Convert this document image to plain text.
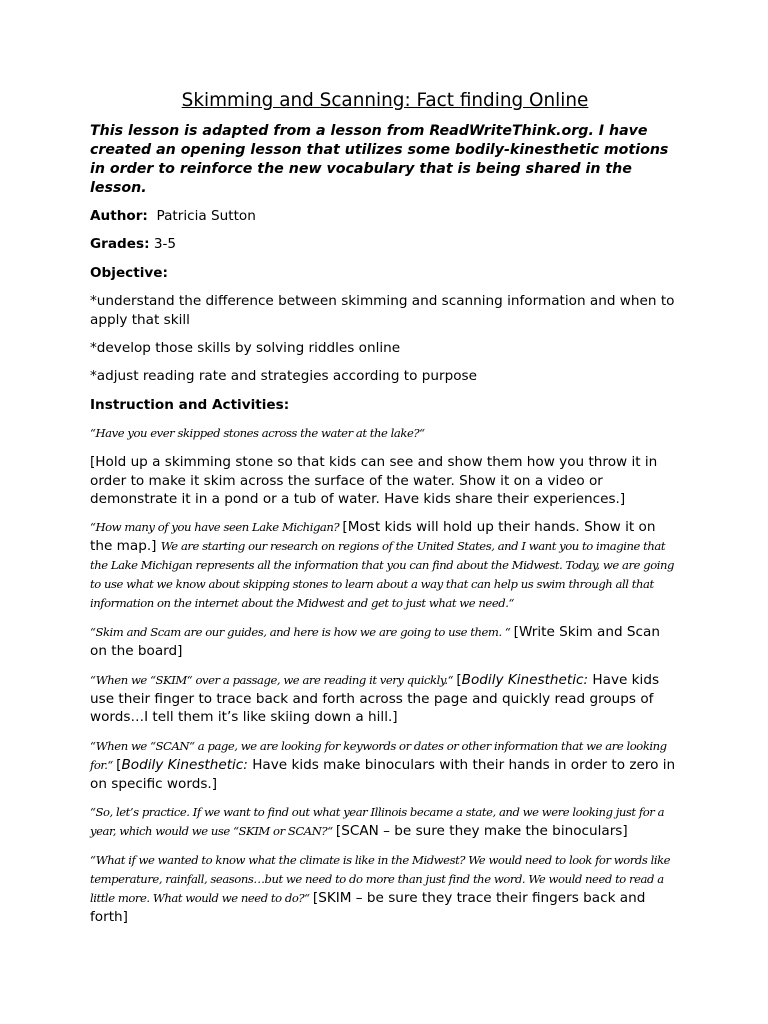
Skimming and Scanning: Fact finding Online

This lesson is adapted from a lesson from ReadWriteThink.org. I have created an opening lesson that utilizes some bodily-kinesthetic motions in order to reinforce the new vocabulary that is being shared in the lesson.

Author: Patricia Sutton

Grades: 3-5

Objective:

*understand the difference between skimming and scanning information and when to apply that skill

*develop those skills by solving riddles online

*adjust reading rate and strategies according to purpose

Instruction and Activities:

“Have you ever skipped stones across the water at the lake?“

[Hold up a skimming stone so that kids can see and show them how you throw it in order to make it skim across the surface of the water. Show it on a video or demonstrate it in a pond or a tub of water. Have kids share their experiences.]

“How many of you have seen Lake Michigan? [Most kids will hold up their hands. Show it on the map.] We are starting our research on regions of the United States, and I want you to imagine that the Lake Michigan represents all the information that you can find about the Midwest. Today, we are going to use what we know about skipping stones to learn about a way that can help us swim through all that information on the internet about the Midwest and get to just what we need.“

“Skim and Scam are our guides, and here is how we are going to use them. “ [Write Skim and Scan on the board]

“When we “SKIM“ over a passage, we are reading it very quickly.“ [Bodily Kinesthetic: Have kids use their finger to trace back and forth across the page and quickly read groups of words…I tell them it’s like skiing down a hill.]

“When we “SCAN“ a page, we are looking for keywords or dates or other information that we are looking for.“ [Bodily Kinesthetic: Have kids make binoculars with their hands in order to zero in on specific words.]

“So, let’s practice. If we want to find out what year Illinois became a state, and we were looking just for a year, which would we use “SKIM or SCAN?“ [SCAN – be sure they make the binoculars]

“What if we wanted to know what the climate is like in the Midwest? We would need to look for words like temperature, rainfall, seasons…but we need to do more than just find the word. We would need to read a little more. What would we need to do?“ [SKIM – be sure they trace their fingers back and forth]
